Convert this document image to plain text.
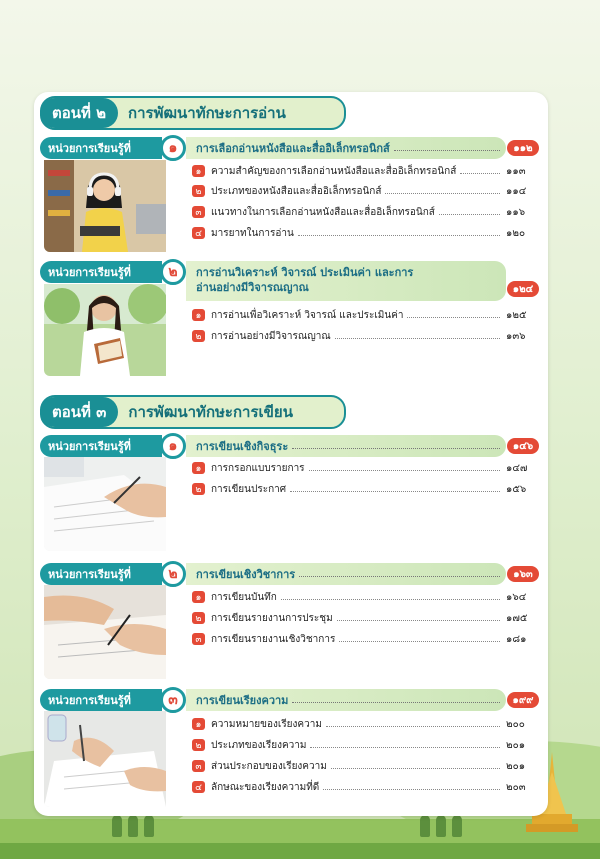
ตอนที่ ๒	การพัฒนาทักษะการอ่าน
หน่วยการเรียนรู้ที่	๑	การเลือกอ่านหนังสือและสื่ออิเล็กทรอนิกส์	๑๑๒
๑ ความสำคัญของการเลือกอ่านหนังสือและสื่ออิเล็กทรอนิกส์	๑๑๓
๒ ประเภทของหนังสือและสื่ออิเล็กทรอนิกส์	๑๑๔
๓ แนวทางในการเลือกอ่านหนังสือและสื่ออิเล็กทรอนิกส์	๑๑๖
๔ มารยาทในการอ่าน	๑๒๐
หน่วยการเรียนรู้ที่	๒	การอ่านวิเคราะห์ วิจารณ์ ประเมินค่า และการอ่านอย่างมีวิจารณญาณ	๑๒๔
๑ การอ่านเพื่อวิเคราะห์ วิจารณ์ และประเมินค่า	๑๒๕
๒ การอ่านอย่างมีวิจารณญาณ	๑๓๖
ตอนที่ ๓	การพัฒนาทักษะการเขียน
หน่วยการเรียนรู้ที่	๑	การเขียนเชิงกิจธุระ	๑๔๖
๑ การกรอกแบบรายการ	๑๔๗
๒ การเขียนประกาศ	๑๕๖
หน่วยการเรียนรู้ที่	๒	การเขียนเชิงวิชาการ	๑๖๓
๑ การเขียนบันทึก	๑๖๔
๒ การเขียนรายงานการประชุม	๑๗๕
๓ การเขียนรายงานเชิงวิชาการ	๑๘๑
หน่วยการเรียนรู้ที่	๓	การเขียนเรียงความ	๑๙๙
๑ ความหมายของเรียงความ	๒๐๐
๒ ประเภทของเรียงความ	๒๐๑
๓ ส่วนประกอบของเรียงความ	๒๐๑
๔ ลักษณะของเรียงความที่ดี	๒๐๓
